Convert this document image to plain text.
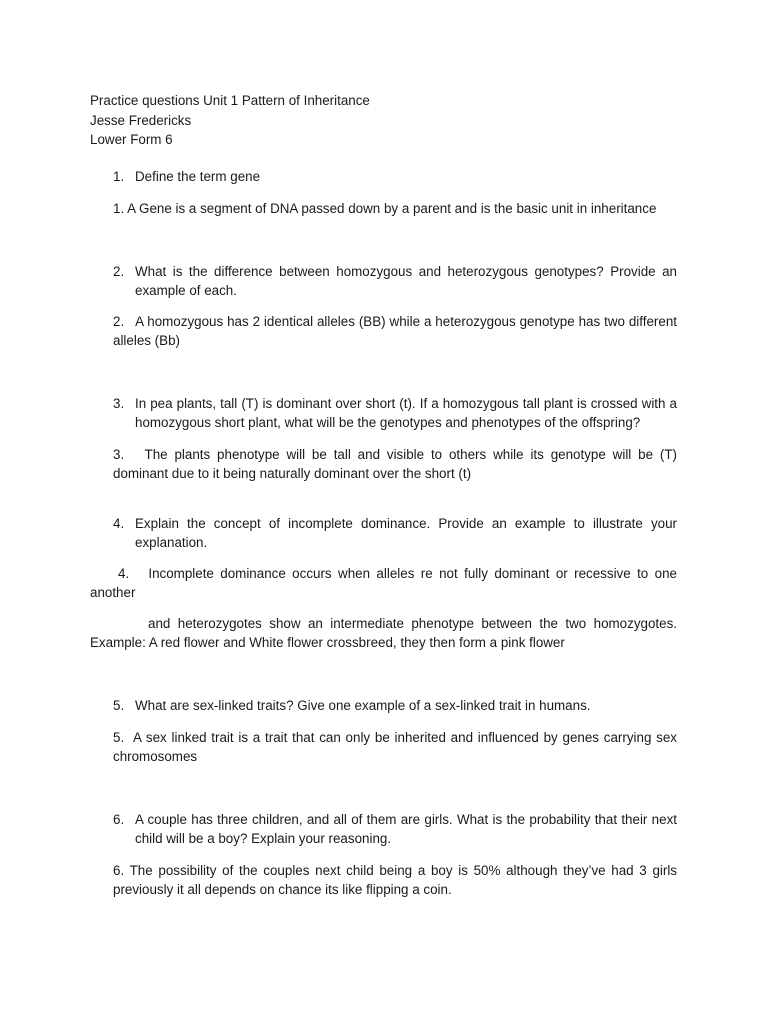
Practice questions Unit 1 Pattern of Inheritance
Jesse Fredericks
Lower Form 6
1. Define the term gene
1. A Gene is a segment of DNA passed down by a parent and is the basic unit in inheritance
2. What is the difference between homozygous and heterozygous genotypes? Provide an example of each.
2.   A homozygous has 2 identical alleles (BB) while a heterozygous genotype has two different alleles (Bb)
3. In pea plants, tall (T) is dominant over short (t). If a homozygous tall plant is crossed with a homozygous short plant, what will be the genotypes and phenotypes of the offspring?
3.   The plants phenotype will be tall and visible to others while its genotype will be (T) dominant due to it being naturally dominant over the short (t)
4. Explain the concept of incomplete dominance. Provide an example to illustrate your explanation.
4.   Incomplete dominance occurs when alleles re not fully dominant or recessive to one another
and heterozygotes show an intermediate phenotype between the two homozygotes. Example: A red flower and White flower crossbreed, they then form a pink flower
5. What are sex-linked traits? Give one example of a sex-linked trait in humans.
5.  A sex linked trait is a trait that can only be inherited and influenced by genes carrying sex chromosomes
6. A couple has three children, and all of them are girls. What is the probability that their next child will be a boy? Explain your reasoning.
6. The possibility of the couples next child being a boy is 50% although they’ve had 3 girls previously it all depends on chance its like flipping a coin.
